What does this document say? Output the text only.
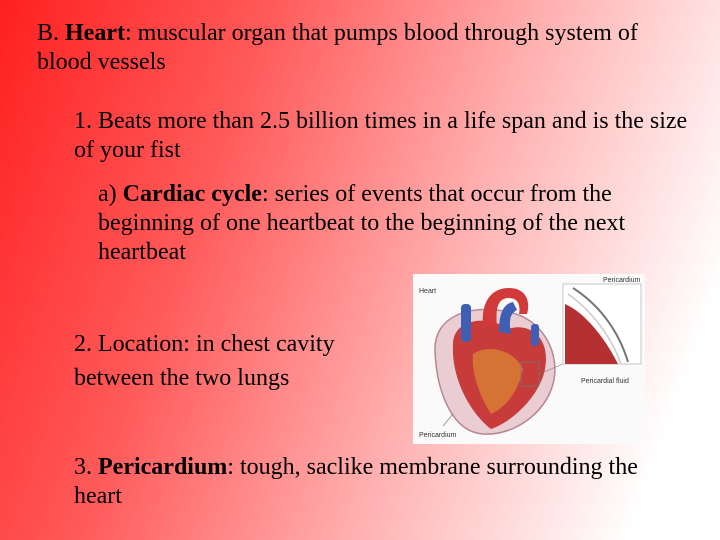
B. Heart: muscular organ that pumps blood through system of blood vessels
1. Beats more than 2.5 billion times in a life span and is the size of your fist
a) Cardiac cycle: series of events that occur from the beginning of one heartbeat to the beginning of the next heartbeat
2. Location: in chest cavity
between the two lungs
3. Pericardium: tough, saclike membrane surrounding the heart
Heart
Pericardium
Pericardial fluid
Pericardium
